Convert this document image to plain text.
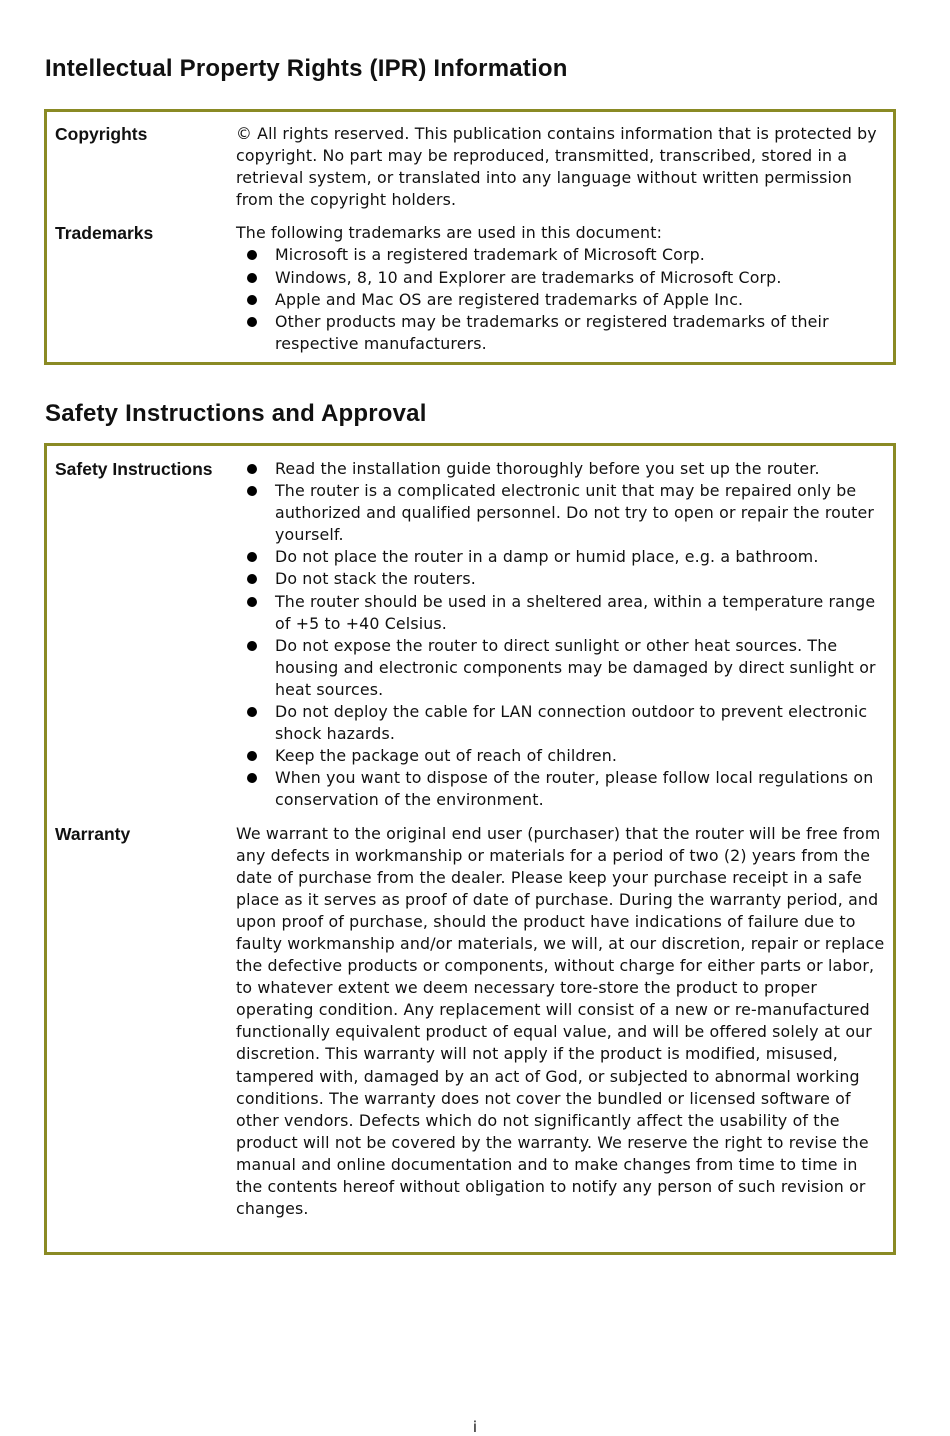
Intellectual Property Rights (IPR) Information
Copyrights	© All rights reserved. This publication contains information that is protected by copyright. No part may be reproduced, transmitted, transcribed, stored in a retrieval system, or translated into any language without written permission from the copyright holders.

Trademarks	The following trademarks are used in this document:

Microsoft is a registered trademark of Microsoft Corp.
Windows, 8, 10 and Explorer are trademarks of Microsoft Corp.
Apple and Mac OS are registered trademarks of Apple Inc.
Other products may be trademarks or registered trademarks of their respective manufacturers.
Safety Instructions and Approval
Safety Instructions	Read the installation guide thoroughly before you set up the router.
The router is a complicated electronic unit that may be repaired only be authorized and qualified personnel. Do not try to open or repair the router yourself.
Do not place the router in a damp or humid place, e.g. a bathroom.
Do not stack the routers.
The router should be used in a sheltered area, within a temperature range of +5 to +40 Celsius.
Do not expose the router to direct sunlight or other heat sources. The housing and electronic components may be damaged by direct sunlight or heat sources.
Do not deploy the cable for LAN connection outdoor to prevent electronic shock hazards.
Keep the package out of reach of children.
When you want to dispose of the router, please follow local regulations on conservation of the environment.
Warranty	We warrant to the original end user (purchaser) that the router will be free from any defects in workmanship or materials for a period of two (2) years from the date of purchase from the dealer. Please keep your purchase receipt in a safe place as it serves as proof of date of purchase. During the warranty period, and upon proof of purchase, should the product have indications of failure due to faulty workmanship and/or materials, we will, at our discretion, repair or replace the defective products or components, without charge for either parts or labor, to whatever extent we deem necessary tore-store the product to proper operating condition. Any replacement will consist of a new or re-manufactured functionally equivalent product of equal value, and will be offered solely at our discretion. This warranty will not apply if the product is modified, misused, tampered with, damaged by an act of God, or subjected to abnormal working conditions. The warranty does not cover the bundled or licensed software of other vendors. Defects which do not significantly affect the usability of the product will not be covered by the warranty. We reserve the right to revise the manual and online documentation and to make changes from time to time in the contents hereof without obligation to notify any person of such revision or changes.

i
